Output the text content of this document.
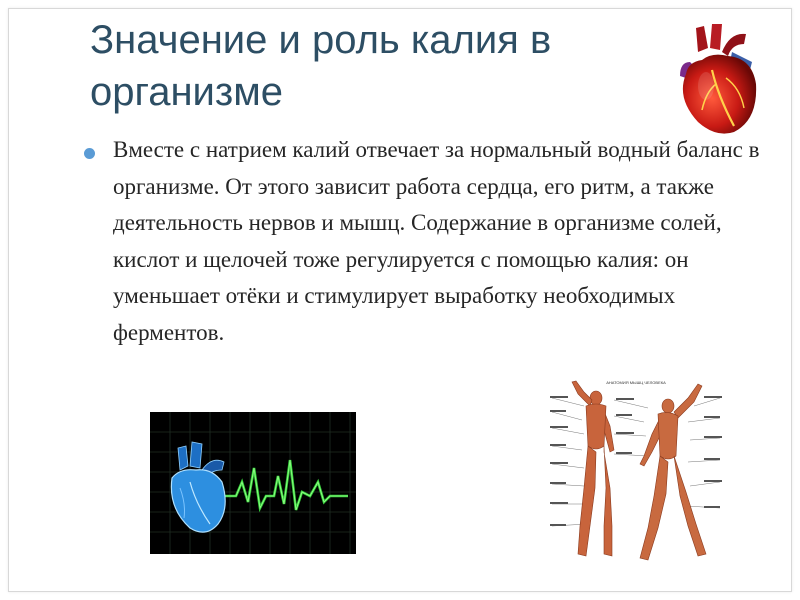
Значение и роль калия в организме

Вместе с натрием калий отвечает за нормальный водный баланс в организме. От этого зависит работа сердца, его ритм, а также деятельность нервов и мышц. Содержание в организме солей, кислот и щелочей тоже регулируется с помощью калия: он уменьшает отёки и стимулирует выработку необходимых ферментов.

АНАТОМИЯ МЫШЦ ЧЕЛОВЕКА
